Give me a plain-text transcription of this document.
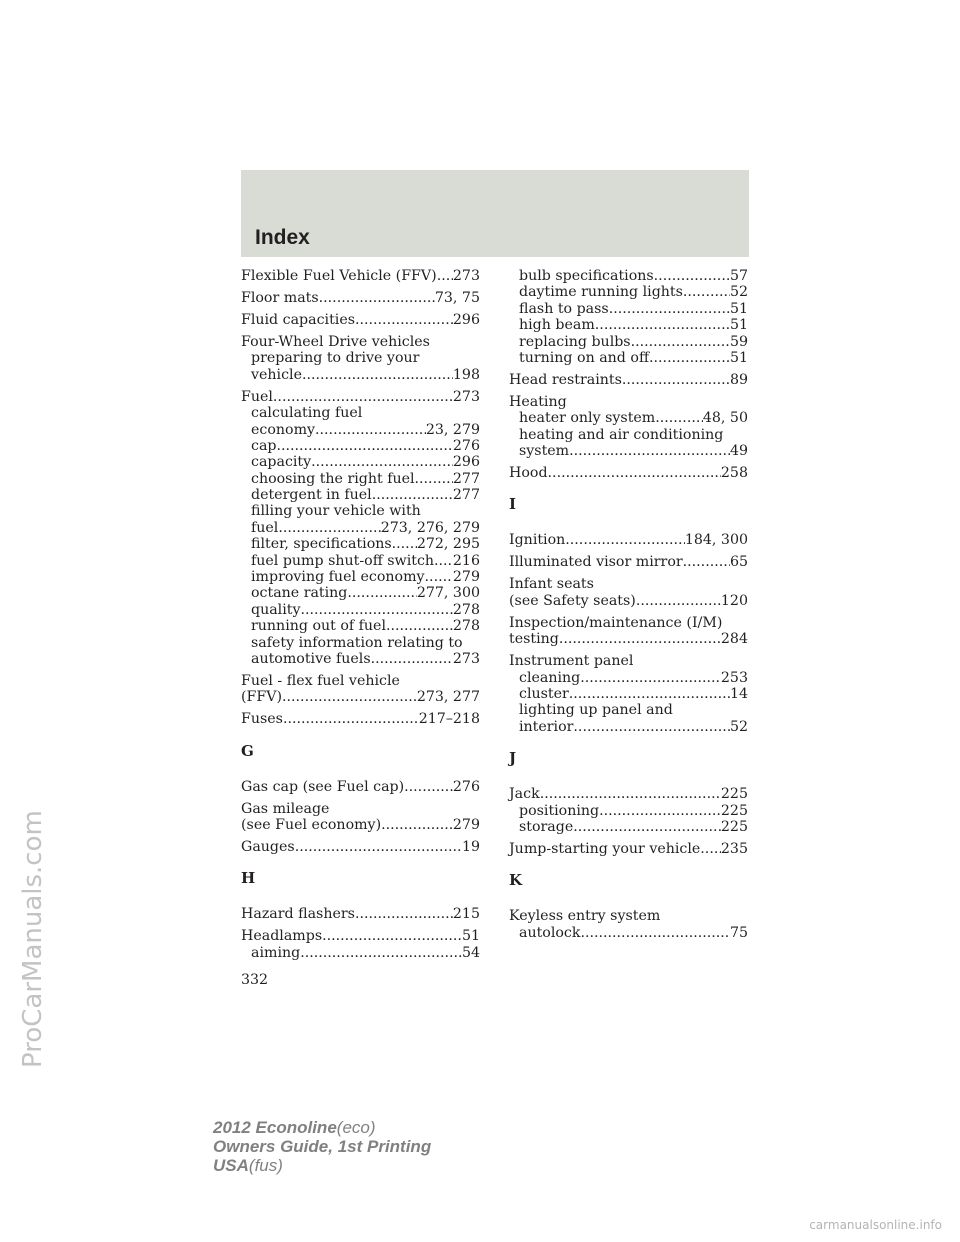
Index
Flexible Fuel Vehicle (FFV) ..... 273
Floor mats .....	73, 75
Fluid capacities .....	296
Four-Wheel Drive vehicles
preparing to drive your
vehicle .....	198
Fuel .....	273
calculating fuel
economy .....	23, 279
cap .....	276
capacity .....	296
choosing the right fuel .....	277
detergent in fuel .....	277
filling your vehicle with
fuel .....	273, 276, 279
filter, specifications ..... 272, 295
fuel pump shut-off switch ..... 216
improving fuel economy ..... 279
octane rating .....	277, 300
quality .....	278
running out of fuel .....	278
safety information relating to
automotive fuels .....	273
Fuel - flex fuel vehicle
(FFV) .....	273, 277
Fuses .....	217–218
G
Gas cap (see Fuel cap) .....	276
Gas mileage
(see Fuel economy) .....	279
Gauges .....	19
H
Hazard flashers .....	215
Headlamps .....	51
aiming .....	54
bulb specifications .....	57
daytime running lights .....	52
flash to pass .....	51
high beam .....	51
replacing bulbs .....	59
turning on and off .....	51
Head restraints .....	89
Heating
heater only system .....	48, 50
heating and air conditioning
system .....	49
Hood .....	258
I
Ignition .....	184, 300
Illuminated visor mirror .....	65
Infant seats
(see Safety seats) .....	120
Inspection/maintenance (I/M)
testing .....	284
Instrument panel
cleaning .....	253
cluster .....	14
lighting up panel and
interior .....	52
J
Jack .....	225
positioning .....	225
storage .....	225
Jump-starting your vehicle ..... 235
K
Keyless entry system
autolock .....	75
332
ProCarManuals.com
2012 Econoline(eco)
Owners Guide, 1st Printing
USA(fus)
carmanualsonline.info
